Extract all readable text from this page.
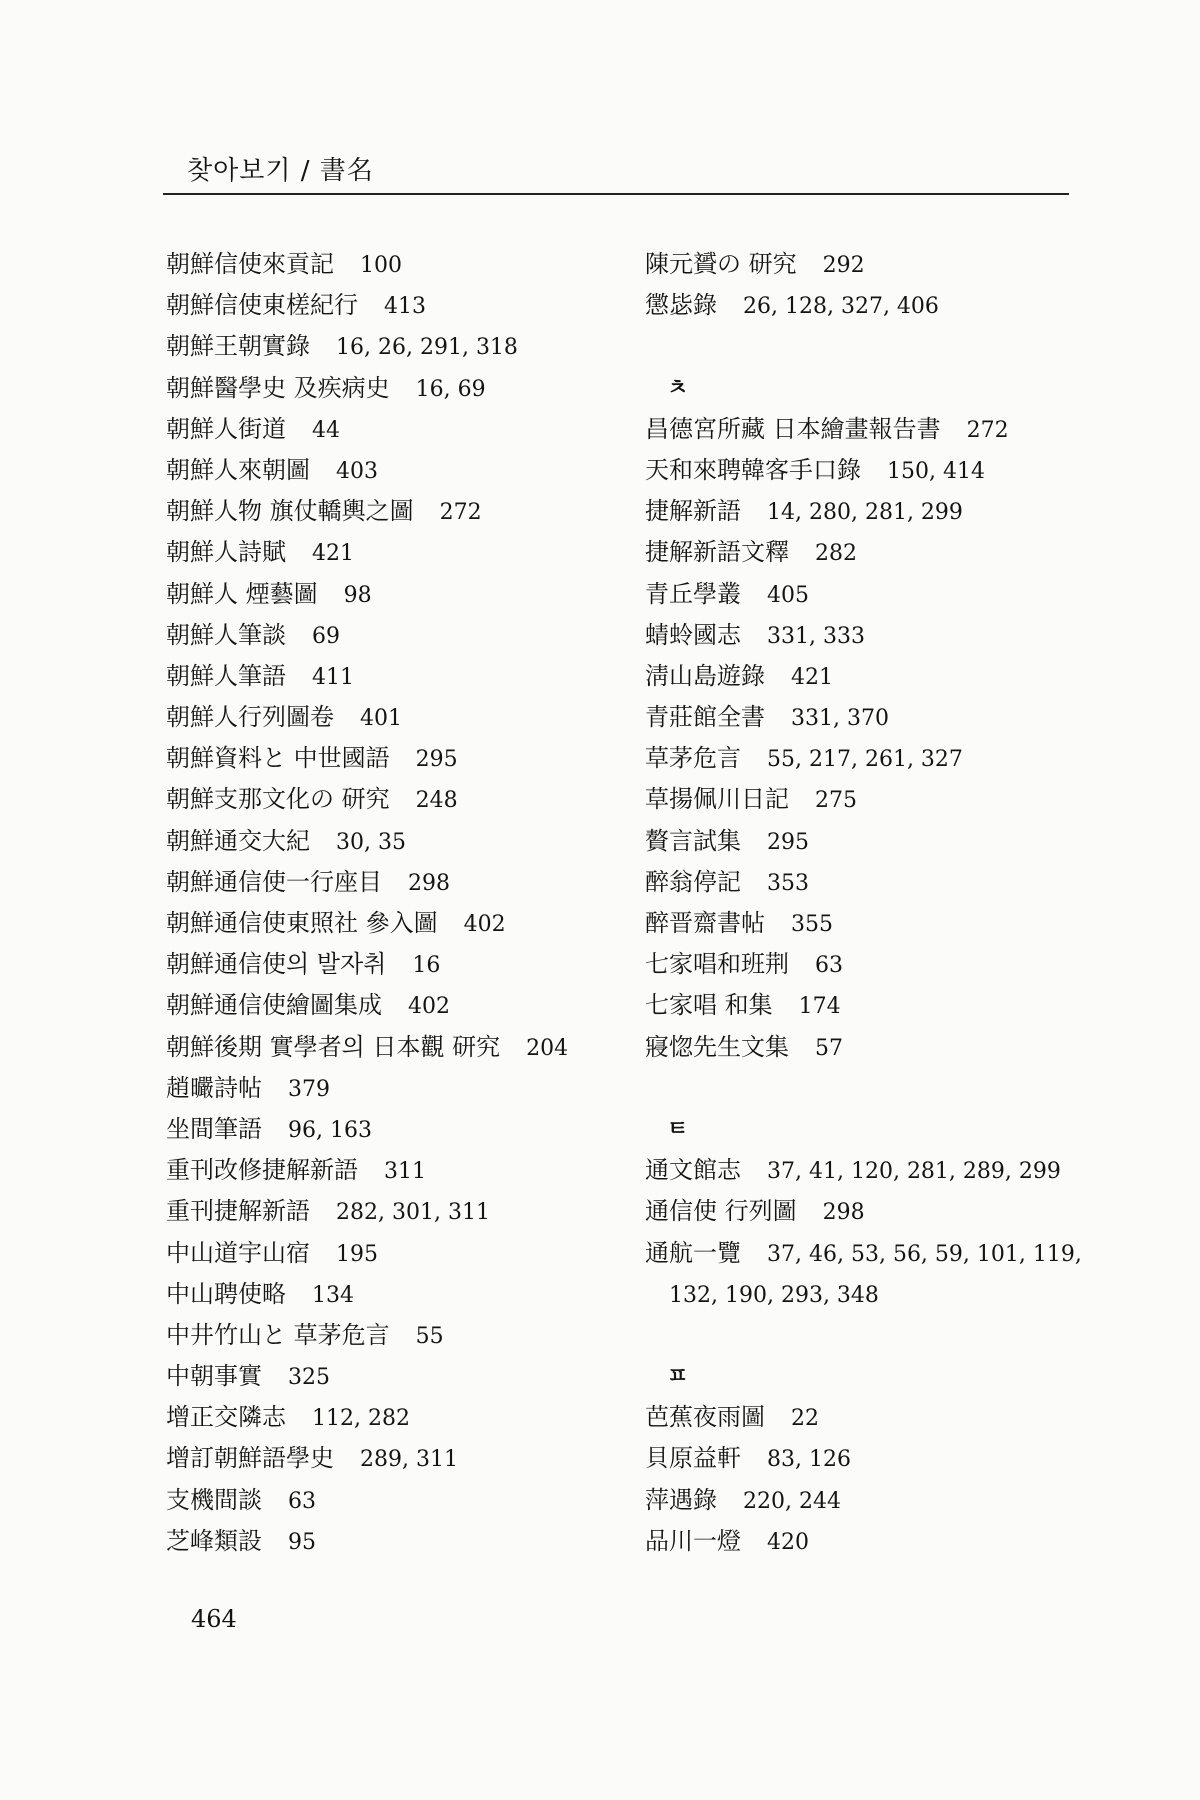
찾아보기 / 書名
朝鮮信使來貢記 100
朝鮮信使東槎紀行 413
朝鮮王朝實錄 16, 26, 291, 318
朝鮮醫學史 及疾病史 16, 69
朝鮮人街道 44
朝鮮人來朝圖 403
朝鮮人物 旗仗轎輿之圖 272
朝鮮人詩賦 421
朝鮮人 煙藝圖 98
朝鮮人筆談 69
朝鮮人筆語 411
朝鮮人行列圖卷 401
朝鮮資料と 中世國語 295
朝鮮支那文化の 研究 248
朝鮮通交大紀 30, 35
朝鮮通信使一行座目 298
朝鮮通信使東照社 參入圖 402
朝鮮通信使의 발자취 16
朝鮮通信使繪圖集成 402
朝鮮後期 實學者의 日本觀 研究 204
趙曮詩帖 379
坐間筆語 96, 163
重刊改修捷解新語 311
重刊捷解新語 282, 301, 311
中山道宇山宿 195
中山聘使略 134
中井竹山と 草茅危言 55
中朝事實 325
增正交隣志 112, 282
增訂朝鮮語學史 289, 311
支機間談 63
芝峰類設 95
陳元贇の 研究 292
懲毖錄 26, 128, 327, 406
ㅊ
昌德宮所藏 日本繪畫報告書 272
天和來聘韓客手口錄 150, 414
捷解新語 14, 280, 281, 299
捷解新語文釋 282
青丘學叢 405
蜻蛉國志 331, 333
淸山島遊錄 421
青莊館全書 331, 370
草茅危言 55, 217, 261, 327
草揚佩川日記 275
贅言試集 295
醉翁停記 353
醉晋齋書帖 355
七家唱和班荆 63
七家唱 和集 174
寢惚先生文集 57
ㅌ
通文館志 37, 41, 120, 281, 289, 299
通信使 行列圖 298
通航一覽 37, 46, 53, 56, 59, 101, 119,
132, 190, 293, 348
ㅍ
芭蕉夜雨圖 22
貝原益軒 83, 126
萍遇錄 220, 244
品川一燈 420
464
